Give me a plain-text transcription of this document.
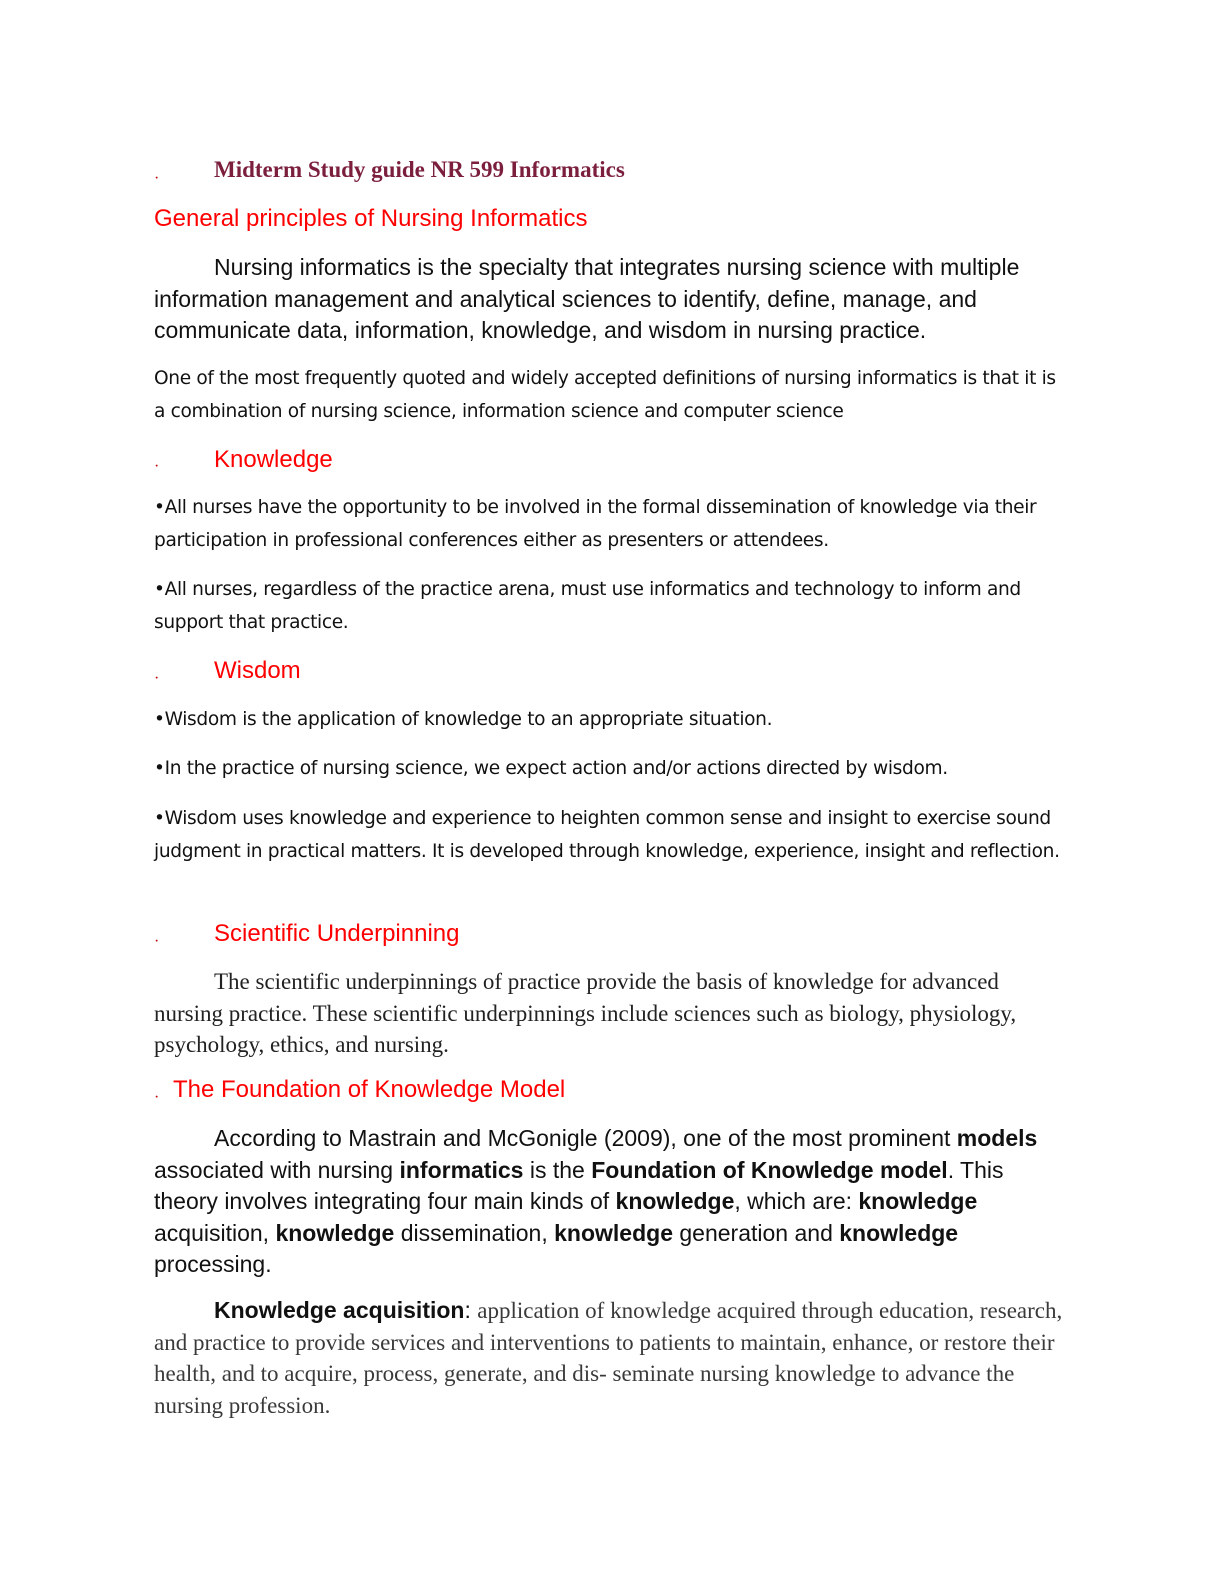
· Midterm Study guide NR 599 Informatics
General principles of Nursing Informatics

Nursing informatics is the specialty that integrates nursing science with multiple information management and analytical sciences to identify, define, manage, and communicate data, information, knowledge, and wisdom in nursing practice.

One of the most frequently quoted and widely accepted definitions of nursing informatics is that it is a combination of nursing science, information science and computer science

· Knowledge

•All nurses have the opportunity to be involved in the formal dissemination of knowledge via their participation in professional conferences either as presenters or attendees.

•All nurses, regardless of the practice arena, must use informatics and technology to inform and support that practice.

· Wisdom

•Wisdom is the application of knowledge to an appropriate situation.

•In the practice of nursing science, we expect action and/or actions directed by wisdom.

•Wisdom uses knowledge and experience to heighten common sense and insight to exercise sound judgment in practical matters. It is developed through knowledge, experience, insight and reflection.

· Scientific Underpinning

The scientific underpinnings of practice provide the basis of knowledge for advanced nursing practice. These scientific underpinnings include sciences such as biology, physiology, psychology, ethics, and nursing.

· The Foundation of Knowledge Model

According to Mastrain and McGonigle (2009), one of the most prominent models associated with nursing informatics is the Foundation of Knowledge model. This theory involves integrating four main kinds of knowledge, which are: knowledge acquisition, knowledge dissemination, knowledge generation and knowledge processing.

Knowledge acquisition: application of knowledge acquired through education, research, and practice to provide services and interventions to patients to maintain, enhance, or restore their health, and to acquire, process, generate, and dis- seminate nursing knowledge to advance the nursing profession.
